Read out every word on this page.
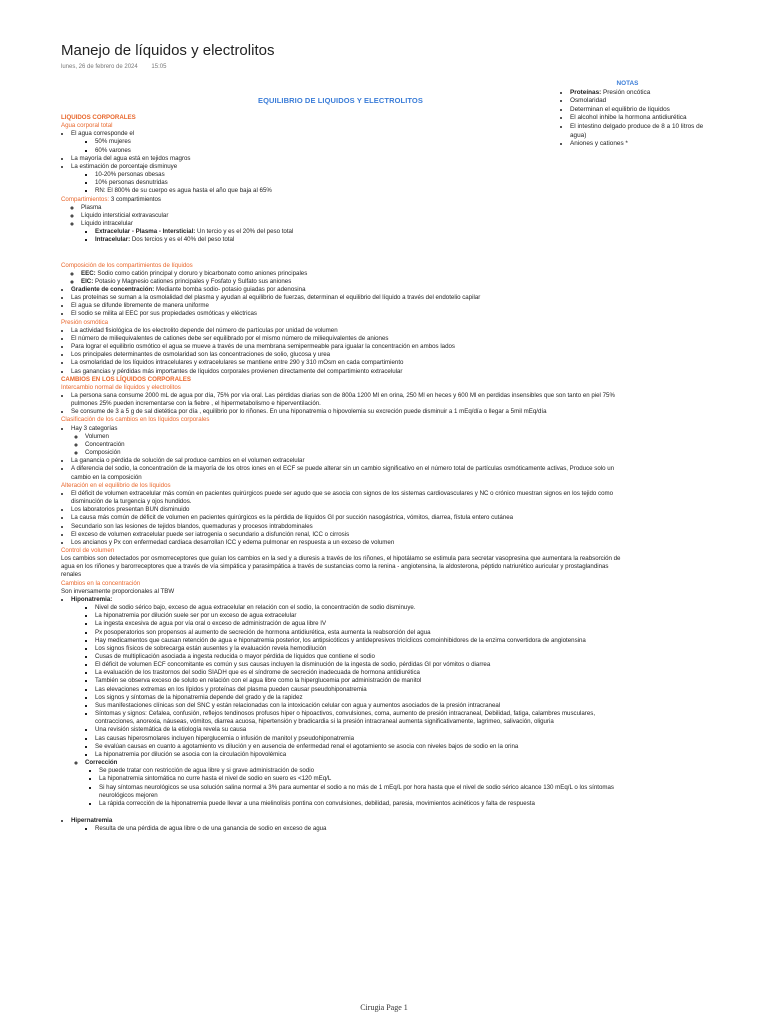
Manejo de líquidos y electrolitos
lunes, 26 de febrero de 2024 15:05
NOTAS
• Proteínas: Presión oncótica
• Osmolaridad
• Determinan el equilibrio de líquidos
• El alcohol inhibe la hormona antidiurética
• El intestino delgado produce de 8 a 10 litros de agua)
• Aniones y cationes *
EQUILIBRIO DE LIQUIDOS Y ELECTROLITOS
LIQUIDOS CORPORALES
Agua corporal total
• El agua corresponde el
▪ 50% mujeres
▪ 60% varones
• La mayoría del agua está en tejidos magros
• La estimación de porcentaje disminuye
▪ 10-20% personas obesas
▪ 10% personas desnutridas
▪ RN: El 800% de su cuerpo es agua hasta el año que baja al 65%
Compartimientos: 3 compartimientos
◦ Plasma
◦ Líquido intersticial extravascular
◦ Líquido intracelular
▪ Extracelular - Plasma - Intersticial: Un tercio y es el 20% del peso total
▪ Intracelular: Dos tercios y es el 40% del peso total
Composición de los compartimientos de líquidos
◦ EEC: Sodio como catión principal y cloruro y bicarbonato como aniones principales
◦ EIC: Potasio y Magnesio cationes principales y Fosfato y Sulfato sus aniones
• Gradiente de concentración: Mediante bomba sodio- potasio guiadas por adenosina
• Las proteínas se suman a la osmolalidad del plasma y ayudan al equilibrio de fuerzas, determinan el equilibrio del líquido a través del endotelio capilar
• El agua se difunde libremente de manera uniforme
• El sodio se milita al EEC por sus propiedades osmóticas y eléctricas
Presión osmótica
• La actividad fisiológica de los electrolito depende del número de partículas por unidad de volumen
• El número de miliequivalentes de cationes debe ser equilibrado por el mismo número de miliequivalentes de aniones
• Para lograr el equilibrio osmótico el agua se mueve a través de una membrana semipermeable para igualar la concentración en ambos lados
• Los principales determinantes de osmolaridad son las concentraciones de solio, glucosa y urea
• La osmolaridad de los líquidos intracelulares y extracelulares se mantiene entre 290 y 310 mOsm en cada compartimiento
• Las ganancias y pérdidas más importantes de líquidos corporales provienen directamente del compartimiento extracelular
CAMBIOS EN LOS LÍQUIDOS CORPORALES
Intercambio normal de líquidos y electrolitos
• La persona sana consume 2000 mL de agua por día, 75% por vía oral. Las pérdidas diarias son de 800a 1200 Ml en orina, 250 Ml en heces y 600 Ml en perdidas insensibles que son tanto en piel 75% pulmones 25% pueden incrementarse con la fiebre , el hipermetabolismo e hiperventilación.
• Se consume de 3 a 5 g de sal dietética por día , equilibrio por lo riñones. En una hiponatremia o hipovolemia su excreción puede disminuir a 1 mEq/día o llegar a 5mil mEq/día
Clasificación de los cambios en los líquidos corporales
• Hay 3 categorías
◦ Volumen
◦ Concentración
◦ Composición
• La ganancia o pérdida de solución de sal produce cambios en el volumen extracelular
• A diferencia del sodio, la concentración de la mayoría de los otros iones en el ECF se puede alterar sin un cambio significativo en el número total de partículas osmóticamente activas, Produce solo un cambio en la composición
Alteración en el equilibrio de los líquidos
• El déficit de volumen extracelular más común en pacientes quirúrgicos puede ser agudo que se asocia con signos de los sistemas cardiovasculares y NC o crónico muestran signos en los tejido como disminución de la turgencia y ojos hundidos.
• Los laboratorios presentan BUN disminuido
• La causa más común de déficit de volumen en pacientes quirúrgicos es la pérdida de líquidos GI por succión nasogástrica, vómitos, diarrea, fístula entero cutánea
• Secundario son las lesiones de tejidos blandos, quemaduras y procesos intrabdominales
• El exceso de volumen extracelular puede ser iatrogenia o secundario a disfunción renal, ICC o cirrosis
• Los ancianos y Px con enfermedad cardiaca desarrollan ICC y edema pulmonar en respuesta a un exceso de volumen
Control de volumen

Los cambios son detectados por osmorreceptores que guían los cambios en la sed y a diuresis a través de los riñones, el hipotálamo se estimula para secretar vasopresina que aumentara la reabsorción de agua en los riñones y barorreceptores que a través de vía simpática y parasimpática a través de sustancias como la renina - angiotensina, la aldosterona, péptido natriurético auricular y prostaglandinas renales

Cambios en la concentración

Son inversamente proporcionales al TBW

• Hiponatremia:
▪ Nivel de sodio sérico bajo, exceso de agua extracelular en relación con el sodio, la concentración de sodio disminuye.
▪ La hiponatremia por dilución suele ser por un exceso de agua extracelular
▪ La ingesta excesiva de agua por vía oral o exceso de administración de agua libre IV
▪ Px posoperatorios son propensos al aumento de secreción de hormona antidiurética, esta aumenta la reabsorción del agua
▪ Hay medicamentos que causan retención de agua e hiponatremia posterior, los antipsicóticos y antidepresivos tricíclicos comoinhibidores de la enzima convertidora de angiotensina
▪ Los signos físicos de sobrecarga están ausentes y la evaluación revela hemodilución
▪ Cusas de multiplicación asociada a ingesta reducida o mayor pérdida de líquidos que contiene el sodio
▪ El déficit de volumen ECF concomitante es común y sus causas incluyen la disminución de la ingesta de sodio, pérdidas GI por vómitos o diarrea
▪ La evaluación de los trastornos del sodio SIADH que es el síndrome de secreción inadecuada de hormona antidiurética
▪ También se observa exceso de soluto en relación con el agua libre como la hiperglucemia por administración de manitol
▪ Las elevaciones extremas en los lípidos y proteínas del plasma pueden causar pseudohiponatremia
▪ Los signos y síntomas de la hiponatremia depende del grado y de la rapidez
▪ Sus manifestaciones clínicas son del SNC y están relacionadas con la intoxicación celular con agua y aumentos asociados de la presión intracraneal
▪ Síntomas y signos: Cefalea, confusión, reflejos tendinosos profusos hiper o hipoactivos, convulsiones, coma, aumento de presión intracraneal, Debilidad, fatiga, calambres musculares, contracciones, anorexia, náuseas, vómitos, diarrea acuosa, hipertensión y bradicardia si la presión intracraneal aumenta significativamente, lagrimeo, salivación, oliguria
▪ Una revisión sistemática de la etiología revela su causa
▪ Las causas hiperosmolares incluyen hiperglucemia o infusión de manitol y pseudohiponatremia
▪ Se evalúan causas en cuanto a agotamiento vs dilución y en ausencia de enfermedad renal el agotamiento se asocia con niveles bajos de sodio en la orina
▪ La hiponatremia por dilución se asocia con la circulación hipovolémica
◦ Corrección
▪ Se puede tratar con restricción de agua libre y si grave administración de sodio
▪ La hiponatremia sintomática no curre hasta el nivel de sodio en suero es <120 mEq/L
▪ Si hay síntomas neurológicos se usa solución salina normal a 3% para aumentar el sodio a no más de 1 mEq/L por hora hasta que el nivel de sodio sérico alcance 130 mEq/L o los síntomas neurológicos mejoren
▪ La rápida corrección de la hiponatremia puede llevar a una mielinolisis pontina con convulsiones, debilidad, paresia, movimientos acinéticos y falta de respuesta
• Hipernatremia
▪ Resulta de una pérdida de agua libre o de una ganancia de sodio en exceso de agua
Cirugia Page 1
